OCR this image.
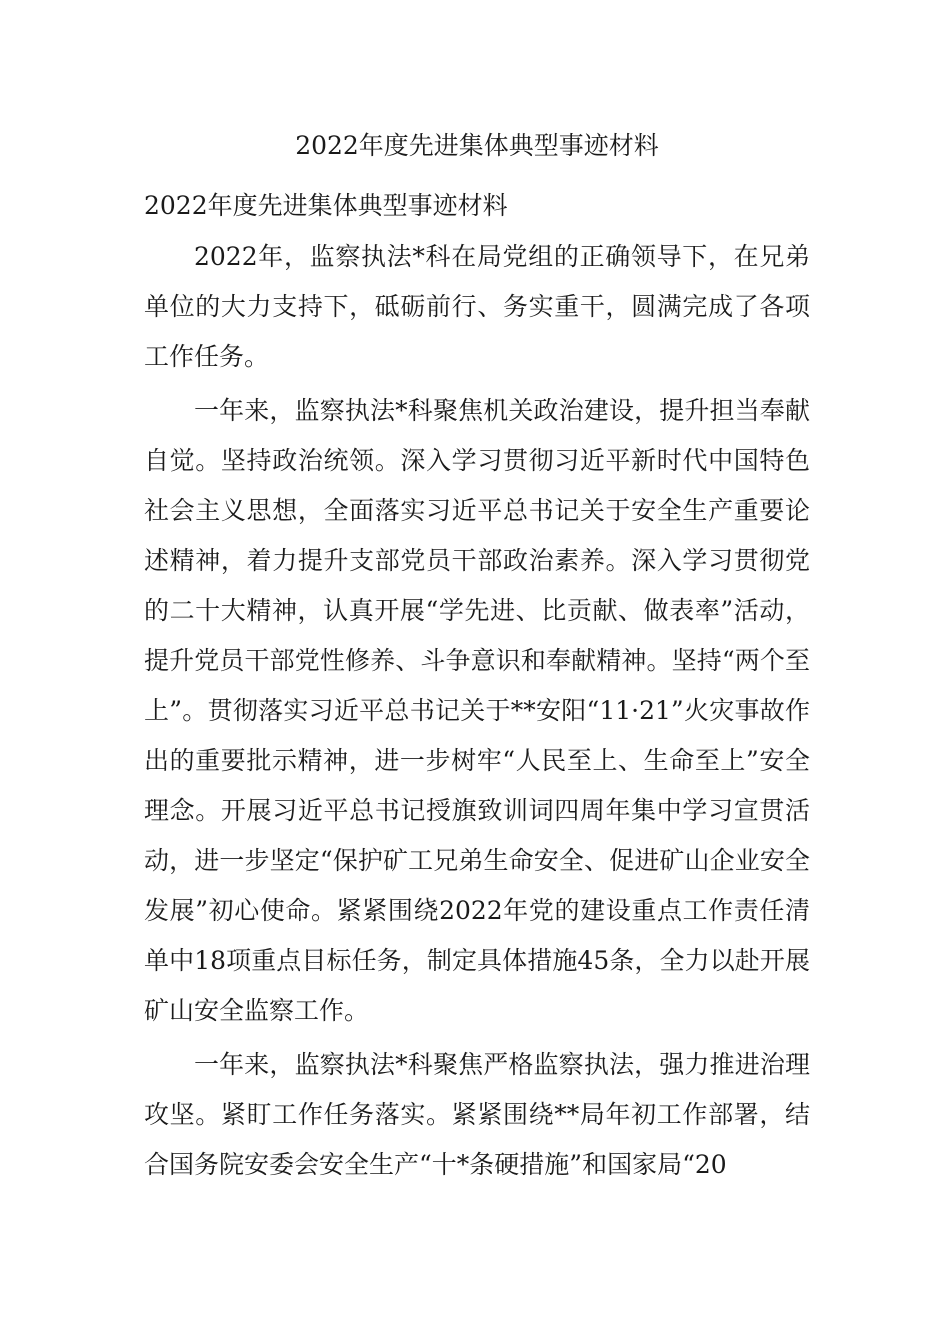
2022年度先进集体典型事迹材料
2022年度先进集体典型事迹材料

2022年，监察执法*科在局党组的正确领导下，在兄弟单位的大力支持下，砥砺前行、务实重干，圆满完成了各项工作任务。

一年来，监察执法*科聚焦机关政治建设，提升担当奉献自觉。坚持政治统领。深入学习贯彻习近平新时代中国特色社会主义思想，全面落实习近平总书记关于安全生产重要论述精神，着力提升支部党员干部政治素养。深入学习贯彻党的二十大精神，认真开展“学先进、比贡献、做表率”活动，提升党员干部党性修养、斗争意识和奉献精神。坚持“两个至上”。贯彻落实习近平总书记关于**安阳“11·21”火灾事故作出的重要批示精神，进一步树牢“人民至上、生命至上”安全理念。开展习近平总书记授旗致训词四周年集中学习宣贯活动，进一步坚定“保护矿工兄弟生命安全、促进矿山企业安全发展”初心使命。紧紧围绕2022年党的建设重点工作责任清单中18项重点目标任务，制定具体措施45条，全力以赴开展矿山安全监察工作。

一年来，监察执法*科聚焦严格监察执法，强力推进治理攻坚。紧盯工作任务落实。紧紧围绕**局年初工作部署，结合国务院安委会安全生产“十*条硬措施”和国家局“20
